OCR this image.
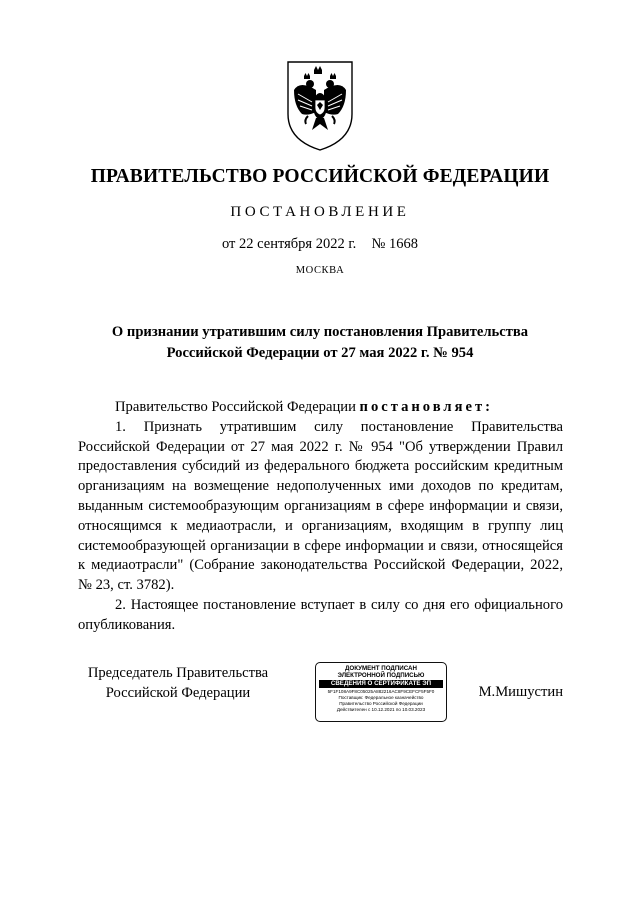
ПРАВИТЕЛЬСТВО РОССИЙСКОЙ ФЕДЕРАЦИИ
ПОСТАНОВЛЕНИЕ
от 22 сентября 2022 г. № 1668
МОСКВА
О признании утратившим силу постановления Правительства
Российской Федерации от 27 мая 2022 г. № 954

Правительство Российской Федерации постановляет:

1. Признать утратившим силу постановление Правительства Российской Федерации от 27 мая 2022 г. № 954 "Об утверждении Правил предоставления субсидий из федерального бюджета российским кредитным организациям на возмещение недополученных ими доходов по кредитам, выданным системообразующим организациям в сфере информации и связи, относящимся к медиаотрасли, и организациям, входящим в группу лиц системообразующей организации в сфере информации и связи, относящейся к медиаотрасли" (Собрание законодательства Российской Федерации, 2022, № 23, ст. 3782).

2. Настоящее постановление вступает в силу со дня его официального опубликования.

Председатель Правительства
Российской Федерации
ДОКУМЕНТ ПОДПИСАН
ЭЛЕКТРОННОЙ ПОДПИСЬЮ
СВЕДЕНИЯ О СЕРТИФИКАТЕ ЭП
5F1F108A9F8C05025A882216AC8F9CEFCF5F5F0
Поставщик: Федеральное казначейство
Правительство Российской Федерации
Действителен с 10.12.2021 по 10.03.2023
М.Мишустин
